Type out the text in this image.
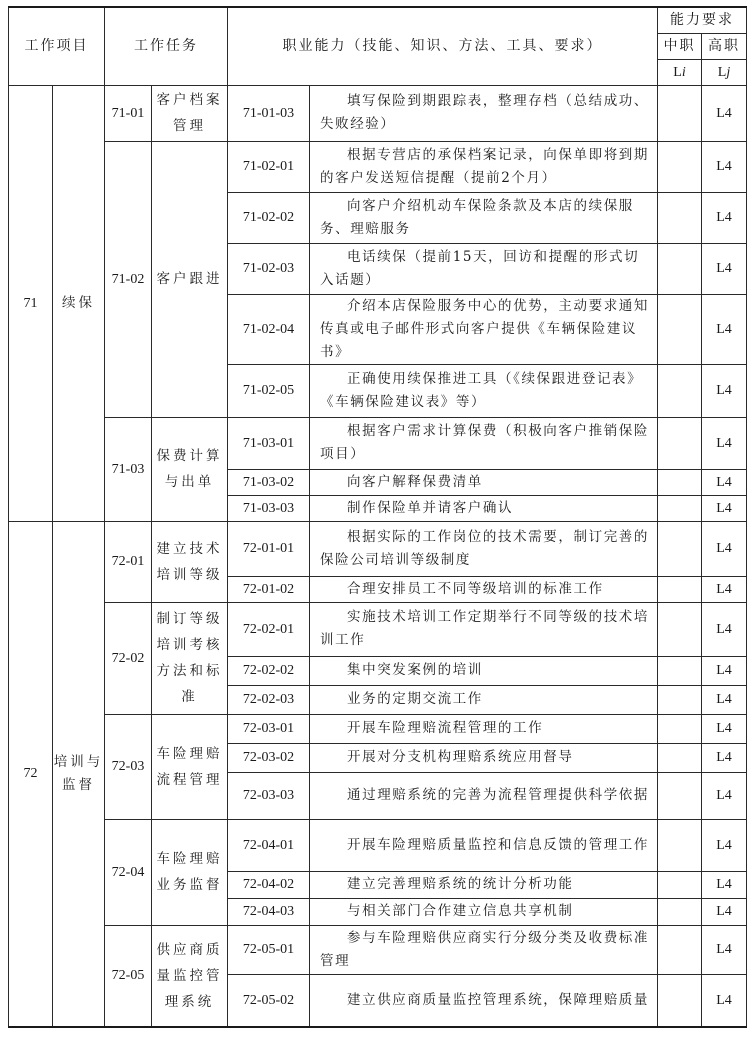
工作项目		工作任务		职业能力（技能、知识、方法、工具、要求）		能力要求	
						中职	高职
						Li	Lj
71	续保	71-01	客户档案管理	71-01-03	填写保险到期跟踪表，整理存档（总结成功、失败经验）		L4
		71-02	客户跟进	71-02-01	根据专营店的承保档案记录，向保单即将到期的客户发送短信提醒（提前2个月）		L4
				71-02-02	向客户介绍机动车保险条款及本店的续保服务、理赔服务		L4
				71-02-03	电话续保（提前15天，回访和提醒的形式切入话题）		L4
				71-02-04	介绍本店保险服务中心的优势，主动要求通知传真或电子邮件形式向客户提供《车辆保险建议书》		L4
				71-02-05	正确使用续保推进工具（《续保跟进登记表》《车辆保险建议表》等）		L4
		71-03	保费计算与出单	71-03-01	根据客户需求计算保费（积极向客户推销保险项目）		L4
				71-03-02	向客户解释保费清单		L4
				71-03-03	制作保险单并请客户确认		L4
72	培训与监督	72-01	建立技术培训等级	72-01-01	根据实际的工作岗位的技术需要，制订完善的保险公司培训等级制度		L4
				72-01-02	合理安排员工不同等级培训的标准工作		L4
		72-02	制订等级培训考核方法和标准	72-02-01	实施技术培训工作定期举行不同等级的技术培训工作		L4
				72-02-02	集中突发案例的培训		L4
				72-02-03	业务的定期交流工作		L4
		72-03	车险理赔流程管理	72-03-01	开展车险理赔流程管理的工作		L4
				72-03-02	开展对分支机构理赔系统应用督导		L4
				72-03-03	通过理赔系统的完善为流程管理提供科学依据		L4
		72-04	车险理赔业务监督	72-04-01	开展车险理赔质量监控和信息反馈的管理工作		L4
				72-04-02	建立完善理赔系统的统计分析功能		L4
				72-04-03	与相关部门合作建立信息共享机制		L4
		72-05	供应商质量监控管理系统	72-05-01	参与车险理赔供应商实行分级分类及收费标准管理		L4
				72-05-02	建立供应商质量监控管理系统，保障理赔质量		L4
